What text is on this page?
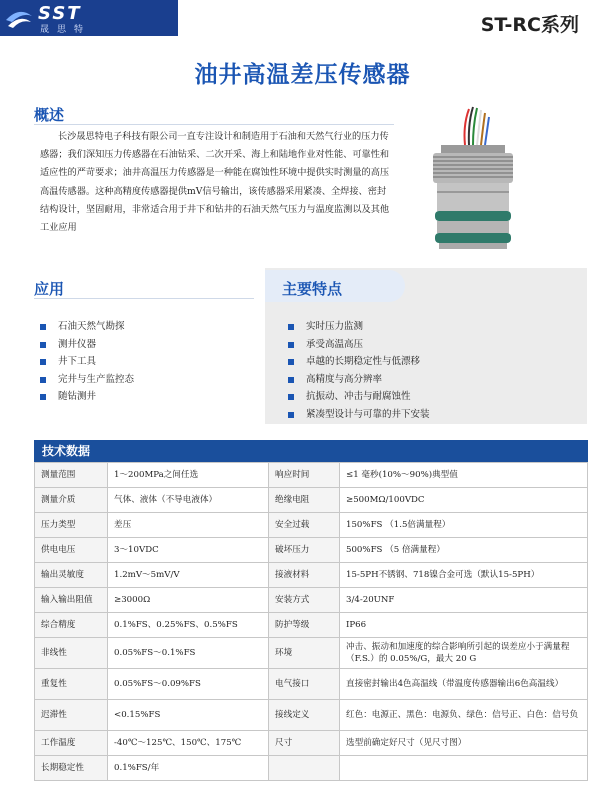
SST
晟思特	ST-RC系列
油井高温差压传感器
概述
长沙晟思特电子科技有限公司一直专注设计和制造用于石油和天然气行业的压力传感器；我们深知压力传感器在石油钻采、二次开采、海上和陆地作业对性能、可靠性和适应性的严苛要求；油井高温压力传感器是一种能在腐蚀性环境中提供实时测量的高压高温传感器。这种高精度传感器提供mV信号输出，该传感器采用紧凑、全焊接、密封结构设计，坚固耐用，非常适合用于井下和钻井的石油天然气压力与温度监测以及其他工业应用
应用
石油天然气勘探
测井仪器
井下工具
完井与生产监控态
随钻测井
主要特点
实时压力监测
承受高温高压
卓越的长期稳定性与低漂移
高精度与高分辨率
抗振动、冲击与耐腐蚀性
紧凑型设计与可靠的井下安装
技术数据
测量范围	1～200MPa之间任选	响应时间	≤1 毫秒(10%～90%)典型值
测量介质	气体、液体（不导电液体）	绝缘电阻	≥500MΩ/100VDC
压力类型	差压	安全过载	150%FS （1.5倍满量程）
供电电压	3～10VDC	破坏压力	500%FS （5 倍满量程）
输出灵敏度	1.2mV～5mV/V	接液材料	15-5PH不锈钢、718镍合金可选（默认15-5PH）
输入输出阻值	≥3000Ω	安装方式	3/4-20UNF
综合精度	0.1%FS、0.25%FS、0.5%FS	防护等级	IP66
非线性	0.05%FS～0.1%FS	环境	冲击、振动和加速度的综合影响所引起的误差应小于满量程（F.S.）的 0.05%/G，最大 20 G
重复性	0.05%FS～0.09%FS	电气接口	直接密封输出4色高温线（带温度传感器输出6色高温线）
迟滞性	<0.15%FS	接线定义	红色：电源正、黑色：电源负、绿色：信号正、白色：信号负
工作温度	-40℃～125℃、150℃、175℃	尺寸	选型前确定好尺寸（见尺寸图）
长期稳定性	0.1%FS/年		
